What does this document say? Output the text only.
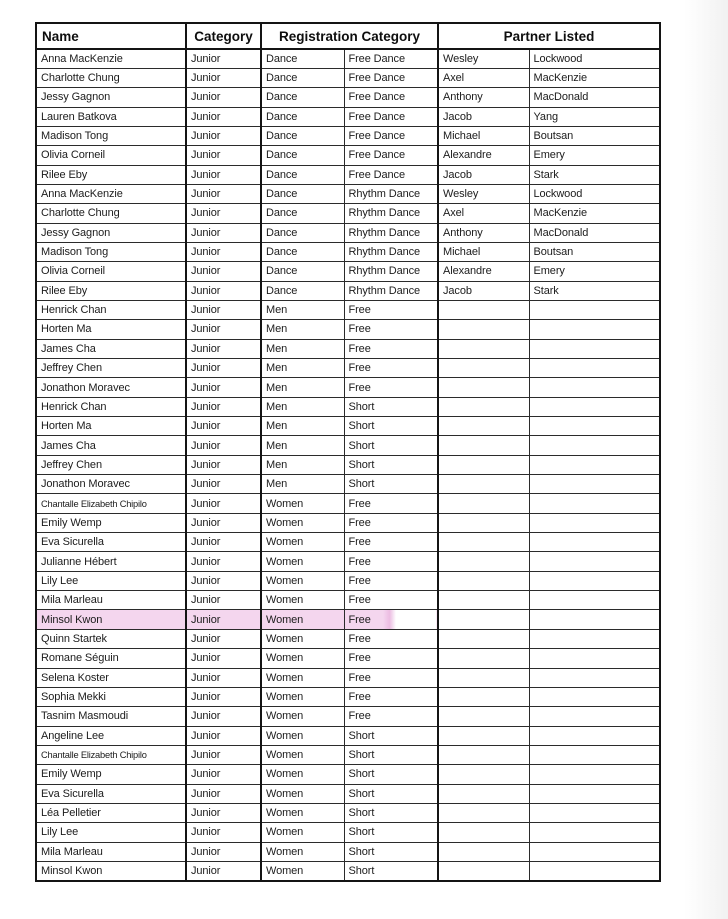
Name	Category	Registration Category		Partner Listed	
Anna MacKenzie	Junior	Dance	Free Dance	Wesley	Lockwood
Charlotte Chung	Junior	Dance	Free Dance	Axel	MacKenzie
Jessy Gagnon	Junior	Dance	Free Dance	Anthony	MacDonald
Lauren Batkova	Junior	Dance	Free Dance	Jacob	Yang
Madison Tong	Junior	Dance	Free Dance	Michael	Boutsan
Olivia Corneil	Junior	Dance	Free Dance	Alexandre	Emery
Rilee Eby	Junior	Dance	Free Dance	Jacob	Stark
Anna MacKenzie	Junior	Dance	Rhythm Dance	Wesley	Lockwood
Charlotte Chung	Junior	Dance	Rhythm Dance	Axel	MacKenzie
Jessy Gagnon	Junior	Dance	Rhythm Dance	Anthony	MacDonald
Madison Tong	Junior	Dance	Rhythm Dance	Michael	Boutsan
Olivia Corneil	Junior	Dance	Rhythm Dance	Alexandre	Emery
Rilee Eby	Junior	Dance	Rhythm Dance	Jacob	Stark
Henrick Chan	Junior	Men	Free		
Horten Ma	Junior	Men	Free		
James Cha	Junior	Men	Free		
Jeffrey Chen	Junior	Men	Free		
Jonathon Moravec	Junior	Men	Free		
Henrick Chan	Junior	Men	Short		
Horten Ma	Junior	Men	Short		
James Cha	Junior	Men	Short		
Jeffrey Chen	Junior	Men	Short		
Jonathon Moravec	Junior	Men	Short		
Chantalle Elizabeth Chipilo	Junior	Women	Free		
Emily Wemp	Junior	Women	Free		
Eva Sicurella	Junior	Women	Free		
Julianne Hébert	Junior	Women	Free		
Lily Lee	Junior	Women	Free		
Mila Marleau	Junior	Women	Free		
Minsol Kwon	Junior	Women	Free		
Quinn Startek	Junior	Women	Free		
Romane Séguin	Junior	Women	Free		
Selena Koster	Junior	Women	Free		
Sophia Mekki	Junior	Women	Free		
Tasnim Masmoudi	Junior	Women	Free		
Angeline Lee	Junior	Women	Short		
Chantalle Elizabeth Chipilo	Junior	Women	Short		
Emily Wemp	Junior	Women	Short		
Eva Sicurella	Junior	Women	Short		
Léa Pelletier	Junior	Women	Short		
Lily Lee	Junior	Women	Short		
Mila Marleau	Junior	Women	Short		
Minsol Kwon	Junior	Women	Short		
